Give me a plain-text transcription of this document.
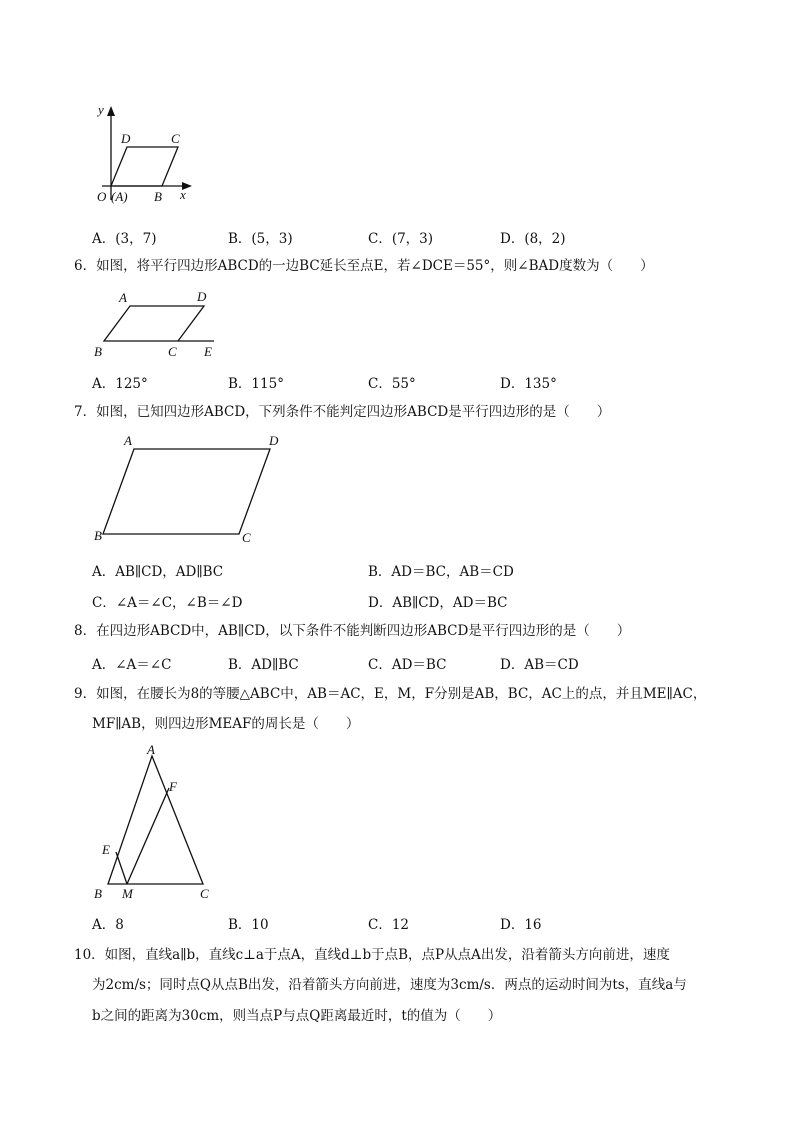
y
D	C
O (A) B x
A．(3，7)	B．(5，3)	C．(7，3)	D．(8，2)
6．如图，将平行四边形ABCD的一边BC延长至点E，若∠DCE＝55°，则∠BAD度数为（　　）
A	D
B	C E
A．125°	B．115°	C．55°	D．135°
7．如图，已知四边形ABCD，下列条件不能判定四边形ABCD是平行四边形的是（　　）
A	D
B	C
A．AB∥CD，AD∥BC	B．AD＝BC，AB＝CD
C．∠A＝∠C，∠B＝∠D	D．AB∥CD，AD＝BC
8．在四边形ABCD中，AB∥CD，以下条件不能判断四边形ABCD是平行四边形的是（　　）
A．∠A＝∠C	B．AD∥BC	C．AD＝BC	D．AB＝CD
9．如图，在腰长为8的等腰△ABC中，AB＝AC，E，M，F分别是AB，BC，AC上的点，并且ME∥AC，
MF∥AB，则四边形MEAF的周长是（　　）
A
F
E
B M	C
A．8	B．10	C．12	D．16
10．如图，直线a∥b，直线c⊥a于点A，直线d⊥b于点B，点P从点A出发，沿着箭头方向前进，速度
为2cm/s；同时点Q从点B出发，沿着箭头方向前进，速度为3cm/s．两点的运动时间为ts，直线a与
b之间的距离为30cm，则当点P与点Q距离最近时，t的值为（　　）
